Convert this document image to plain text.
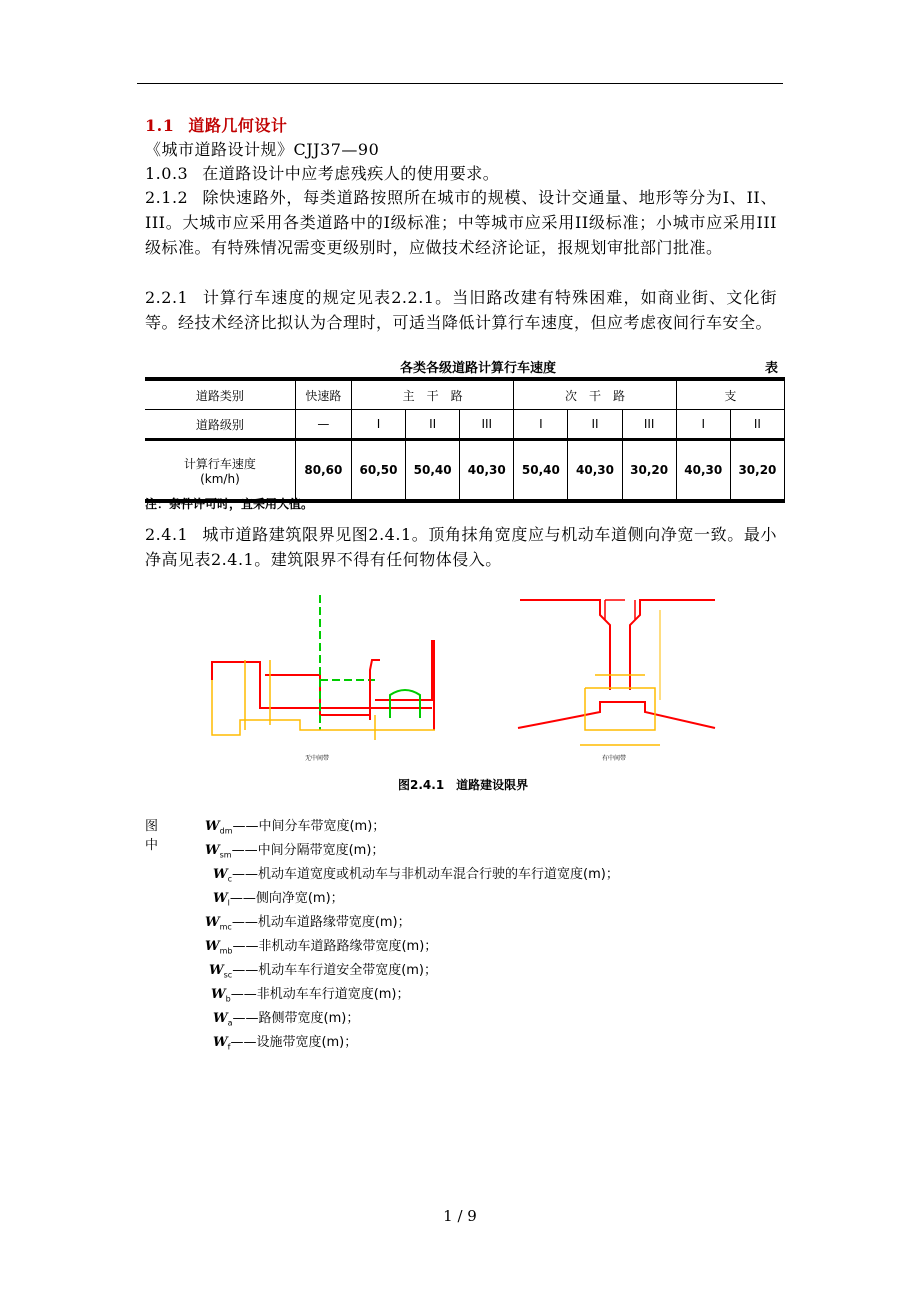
1.1 道路几何设计
《城市道路设计规》CJJ37—90
1.0.3 在道路设计中应考虑残疾人的使用要求。
2.1.2 除快速路外，每类道路按照所在城市的规模、设计交通量、地形等分为I、II、III。大城市应采用各类道路中的I级标准；中等城市应采用II级标准；小城市应采用III级标准。有特殊情况需变更级别时，应做技术经济论证，报规划审批部门批准。
2.2.1 计算行车速度的规定见表2.2.1。当旧路改建有特殊困难，如商业街、文化街等。经技术经济比拟认为合理时，可适当降低计算行车速度，但应考虑夜间行车安全。
各类各级道路计算行车速度	表
道路类别	快速路	主　干　路			次　干　路			支	
道路级别	—	I	II	III	I	II	III	I	II
计算行车速度
(km/h)	80,60	60,50	50,40	40,30	50,40	40,30	30,20	40,30	30,20
注：条件许可时，宜采用大值。
2.4.1 城市道路建筑限界见图2.4.1。顶角抹角宽度应与机动车道侧向净宽一致。最小净高见表2.4.1。建筑限界不得有任何物体侵入。
无中间带	有中间带
图2.4.1　道路建设限界
图中
$W_{dm}——$中间分车带宽度(m)；
$W_{sm}——$中间分隔带宽度(m)；
$W_c——$机动车道宽度或机动车与非机动车混合行驶的车行道宽度(m)；
$W_l——$侧向净宽(m)；
$W_{mc}——$机动车道路缘带宽度(m)；
$W_{mb}——$非机动车道路路缘带宽度(m)；
$W_{sc}——$机动车车行道安全带宽度(m)；
$W_b——$非机动车车行道宽度(m)；
$W_a——$路侧带宽度(m)；
$W_f——$设施带宽度(m)；
1 / 9
